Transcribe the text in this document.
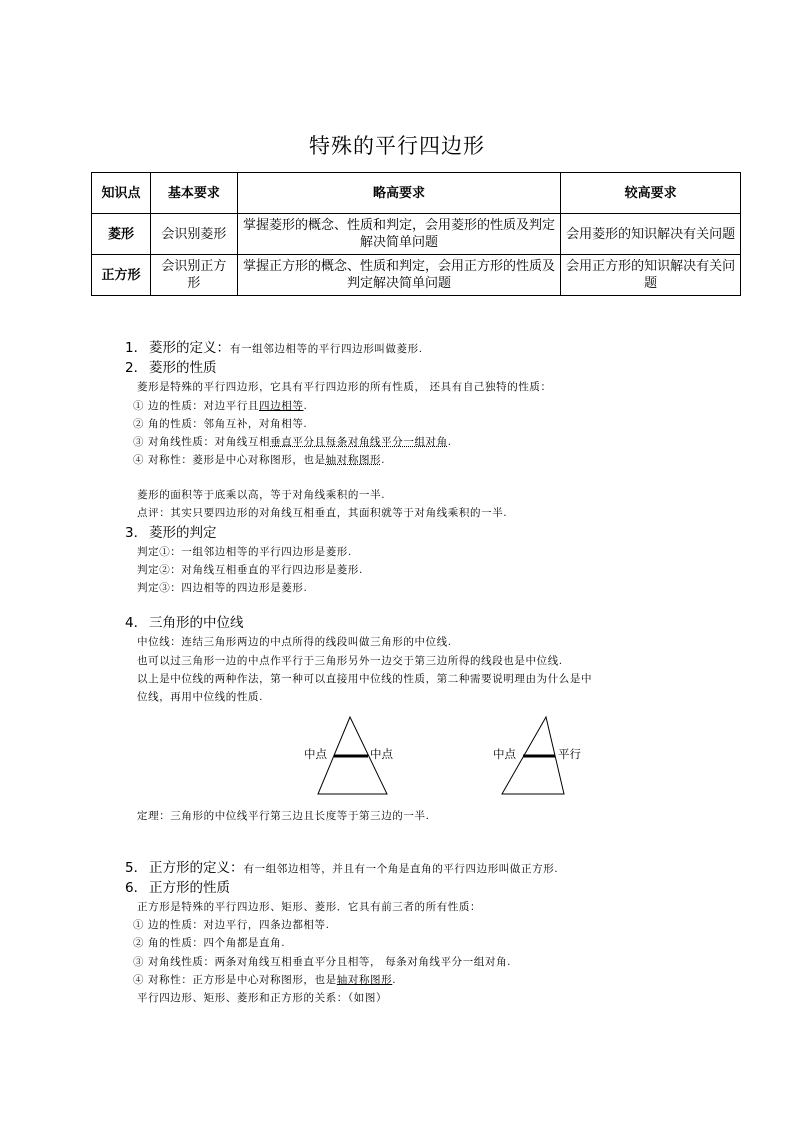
特殊的平行四边形
知识点	基本要求	略高要求	较高要求
菱形	会识别菱形	掌握菱形的概念、性质和判定，会用菱形的性质及判定解决简单问题	会用菱形的知识解决有关问题
正方形	会识别正方形	掌握正方形的概念、性质和判定，会用正方形的性质及判定解决简单问题	会用正方形的知识解决有关问题
1． 菱形的定义：有一组邻边相等的平行四边形叫做菱形.
2． 菱形的性质
菱形是特殊的平行四边形，它具有平行四边形的所有性质， 还具有自己独特的性质：
① 边的性质：对边平行且四边相等.
② 角的性质：邻角互补，对角相等.
③ 对角线性质：对角线互相垂直平分且每条对角线平分一组对角.
④ 对称性：菱形是中心对称图形，也是轴对称图形.
菱形的面积等于底乘以高，等于对角线乘积的一半.
点评：其实只要四边形的对角线互相垂直，其面积就等于对角线乘积的一半.
3． 菱形的判定
判定①：一组邻边相等的平行四边形是菱形.
判定②：对角线互相垂直的平行四边形是菱形.
判定③：四边相等的四边形是菱形.
4． 三角形的中位线
中位线：连结三角形两边的中点所得的线段叫做三角形的中位线.
也可以过三角形一边的中点作平行于三角形另外一边交于第三边所得的线段也是中位线.
以上是中位线的两种作法，第一种可以直接用中位线的性质，第二种需要说明理由为什么是中
位线，再用中位线的性质.
中点	中点	中点	平行
定理：三角形的中位线平行第三边且长度等于第三边的一半.
5． 正方形的定义：有一组邻边相等，并且有一个角是直角的平行四边形叫做正方形.
6． 正方形的性质
正方形是特殊的平行四边形、矩形、菱形．它具有前三者的所有性质：
① 边的性质：对边平行，四条边都相等.
② 角的性质：四个角都是直角.
③ 对角线性质：两条对角线互相垂直平分且相等， 每条对角线平分一组对角.
④ 对称性：正方形是中心对称图形，也是轴对称图形.
平行四边形、矩形、菱形和正方形的关系：（如图）
